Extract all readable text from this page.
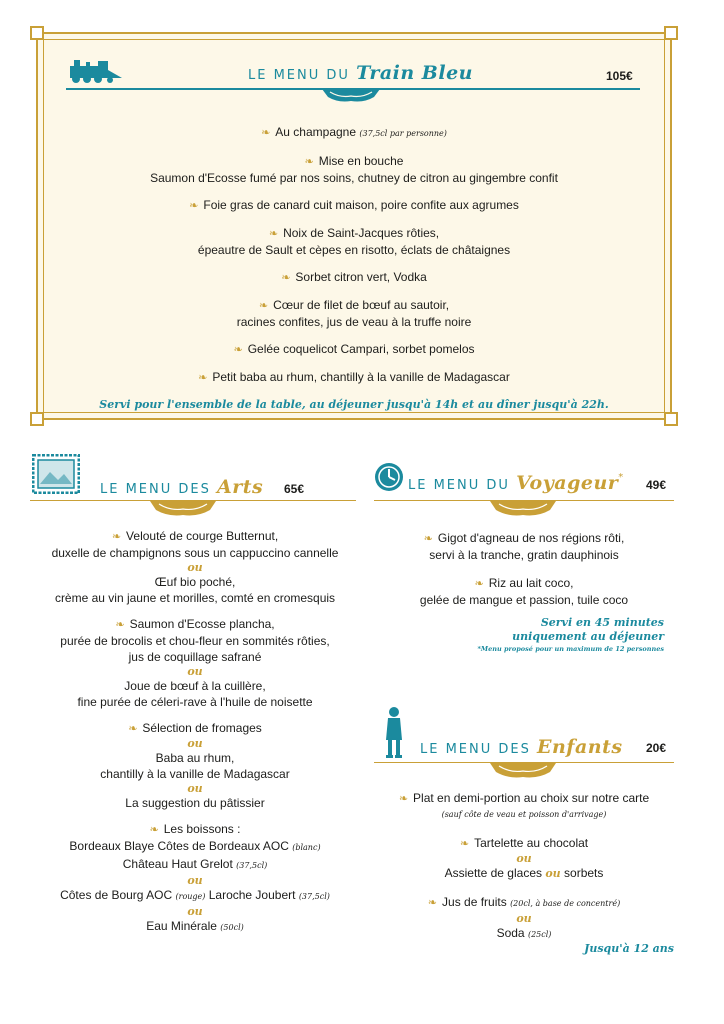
LE MENU DU Train Bleu	105€
❧ Au champagne (37,5cl par personne)
❧ Mise en bouche
Saumon d'Ecosse fumé par nos soins, chutney de citron au gingembre confit
❧ Foie gras de canard cuit maison, poire confite aux agrumes
❧ Noix de Saint-Jacques rôties,
épeautre de Sault et cèpes en risotto, éclats de châtaignes
❧ Sorbet citron vert, Vodka
❧ Cœur de filet de bœuf au sautoir,
racines confites, jus de veau à la truffe noire
❧ Gelée coquelicot Campari, sorbet pomelos
❧ Petit baba au rhum, chantilly à la vanille de Madagascar
Servi pour l'ensemble de la table, au déjeuner jusqu'à 14h et au dîner jusqu'à 22h.
LE MENU DES Arts 65€
❧ Velouté de courge Butternut,
duxelle de champignons sous un cappuccino cannelle
ou
Œuf bio poché,
crème au vin jaune et morilles, comté en cromesquis
❧ Saumon d'Ecosse plancha,
purée de brocolis et chou-fleur en sommités rôties,
jus de coquillage safrané
ou
Joue de bœuf à la cuillère,
fine purée de céleri-rave à l'huile de noisette
❧ Sélection de fromages
ou
Baba au rhum,
chantilly à la vanille de Madagascar
ou
La suggestion du pâtissier
❧ Les boissons :
Bordeaux Blaye Côtes de Bordeaux AOC (blanc)
Château Haut Grelot (37,5cl)
ou
Côtes de Bourg AOC (rouge) Laroche Joubert (37,5cl)
ou
Eau Minérale (50cl)
LE MENU DU Voyageur*
49€
❧ Gigot d'agneau de nos régions rôti,
servi à la tranche, gratin dauphinois
❧ Riz au lait coco,
gelée de mangue et passion, tuile coco
Servi en 45 minutes
uniquement au déjeuner
*Menu proposé pour un maximum de 12 personnes
LE MENU DES Enfants 20€
❧ Plat en demi-portion au choix sur notre carte
(sauf côte de veau et poisson d'arrivage)
❧ Tartelette au chocolat
ou
Assiette de glaces ou sorbets
❧ Jus de fruits (20cl, à base de concentré)
ou
Soda (25cl)
Jusqu'à 12 ans
